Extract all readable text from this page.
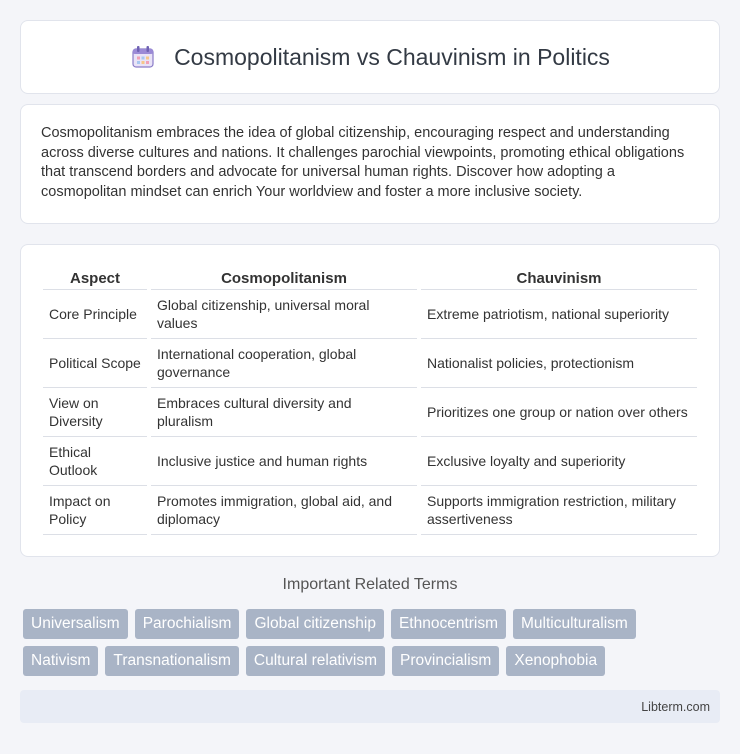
Cosmopolitanism vs Chauvinism in Politics

Cosmopolitanism embraces the idea of global citizenship, encouraging respect and understanding across diverse cultures and nations. It challenges parochial viewpoints, promoting ethical obligations that transcend borders and advocate for universal human rights. Discover how adopting a cosmopolitan mindset can enrich Your worldview and foster a more inclusive society.

Aspect	Cosmopolitanism	Chauvinism
Core Principle	Global citizenship, universal moral values	Extreme patriotism, national superiority
Political Scope	International cooperation, global governance	Nationalist policies, protectionism
View on Diversity	Embraces cultural diversity and pluralism	Prioritizes one group or nation over others
Ethical Outlook	Inclusive justice and human rights	Exclusive loyalty and superiority
Impact on Policy	Promotes immigration, global aid, and diplomacy	Supports immigration restriction, military assertiveness
Important Related Terms
Universalism	Parochialism	Global citizenship	Ethnocentrism	Multiculturalism
Nativism	Transnationalism	Cultural relativism	Provincialism	Xenophobia
Libterm.com
